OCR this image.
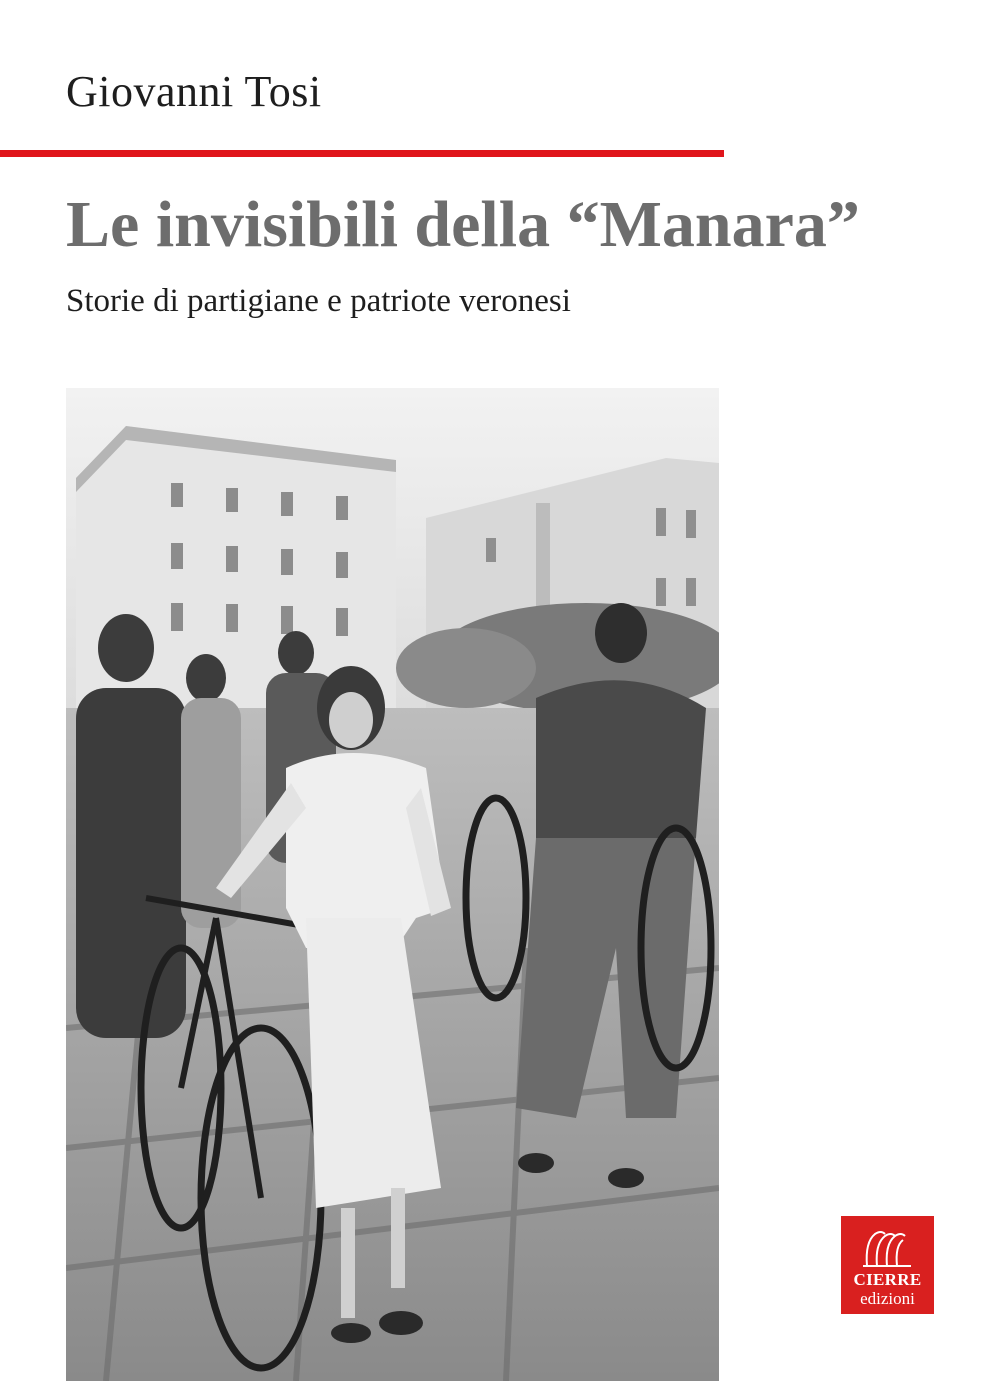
Giovanni Tosi
Le invisibili della “Manara”
Storie di partigiane e patriote veronesi
CIERRE
edizioni
